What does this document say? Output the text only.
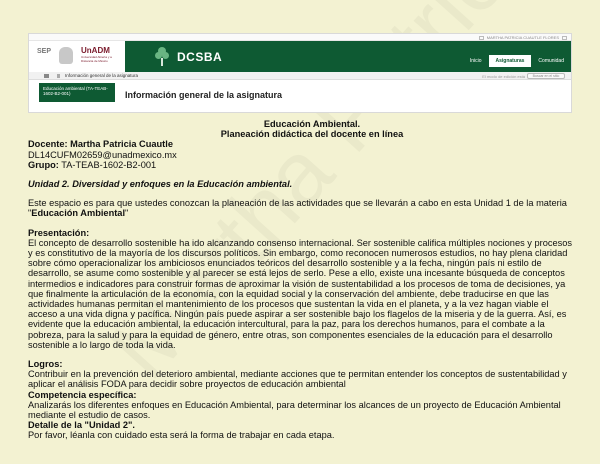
MARTHA PATRICIA CUAUTLE FLORES
SEP	UnADM
Universidad Abierta y a Distancia de México	DCSBA	Inicio	Asignaturas	Comunidad
Información general de la asignatura	El modo de edición está	Buscar en el sitio
Educación ambiental (TA-TEAB-1602-B2-001)	Información general de la asignatura
Educación Ambiental.
Planeación didáctica del docente en línea
Docente: Martha Patricia Cuautle
DL14CUFM02659@unadmexico.mx
Grupo: TA-TEAB-1602-B2-001
Unidad 2. Diversidad y enfoques en la Educación ambiental.
Este espacio es para que ustedes conozcan la planeación de las actividades que se llevarán a cabo en esta Unidad 1 de la materia "Educación Ambiental"
Presentación:
El concepto de desarrollo sostenible ha ido alcanzando consenso internacional. Ser sostenible califica múltiples nociones y procesos y es constitutivo de la mayoría de los discursos políticos. Sin embargo, como reconocen numerosos estudios, no hay plena claridad sobre cómo operacionalizar los ambiciosos enunciados teóricos del desarrollo sostenible y a la fecha, ningún país ni estilo de desarrollo, se asume como sostenible y al parecer se está lejos de serlo. Pese a ello, existe una incesante búsqueda de conceptos intermedios e indicadores para construir formas de aproximar la visión de sustentabilidad a los procesos de toma de decisiones, ya que finalmente la articulación de la economía, con la equidad social y la conservación del ambiente, debe traducirse en que las actividades humanas permitan el mantenimiento de los procesos que sustentan la vida en el planeta, y a la vez hagan viable el acceso a una vida digna y pacífica. Ningún país puede aspirar a ser sostenible bajo los flagelos de la miseria y de la guerra. Así, es evidente que la educación ambiental, la educación intercultural, para la paz, para los derechos humanos, para el combate a la pobreza, para la salud y para la equidad de género, entre otras, son componentes esenciales de la educación para el desarrollo sostenible a lo largo de toda la vida.
Logros:
Contribuir en la prevención del deterioro ambiental, mediante acciones que te permitan entender los conceptos de sustentabilidad y aplicar el análisis FODA para decidir sobre proyectos de educación ambiental
Competencia específica:
Analizarás los diferentes enfoques en Educación Ambiental, para determinar los alcances de un proyecto de Educación Ambiental mediante el estudio de casos.
Detalle de la "Unidad 2".
Por favor, léanla con cuidado esta será la forma de trabajar en cada etapa.
